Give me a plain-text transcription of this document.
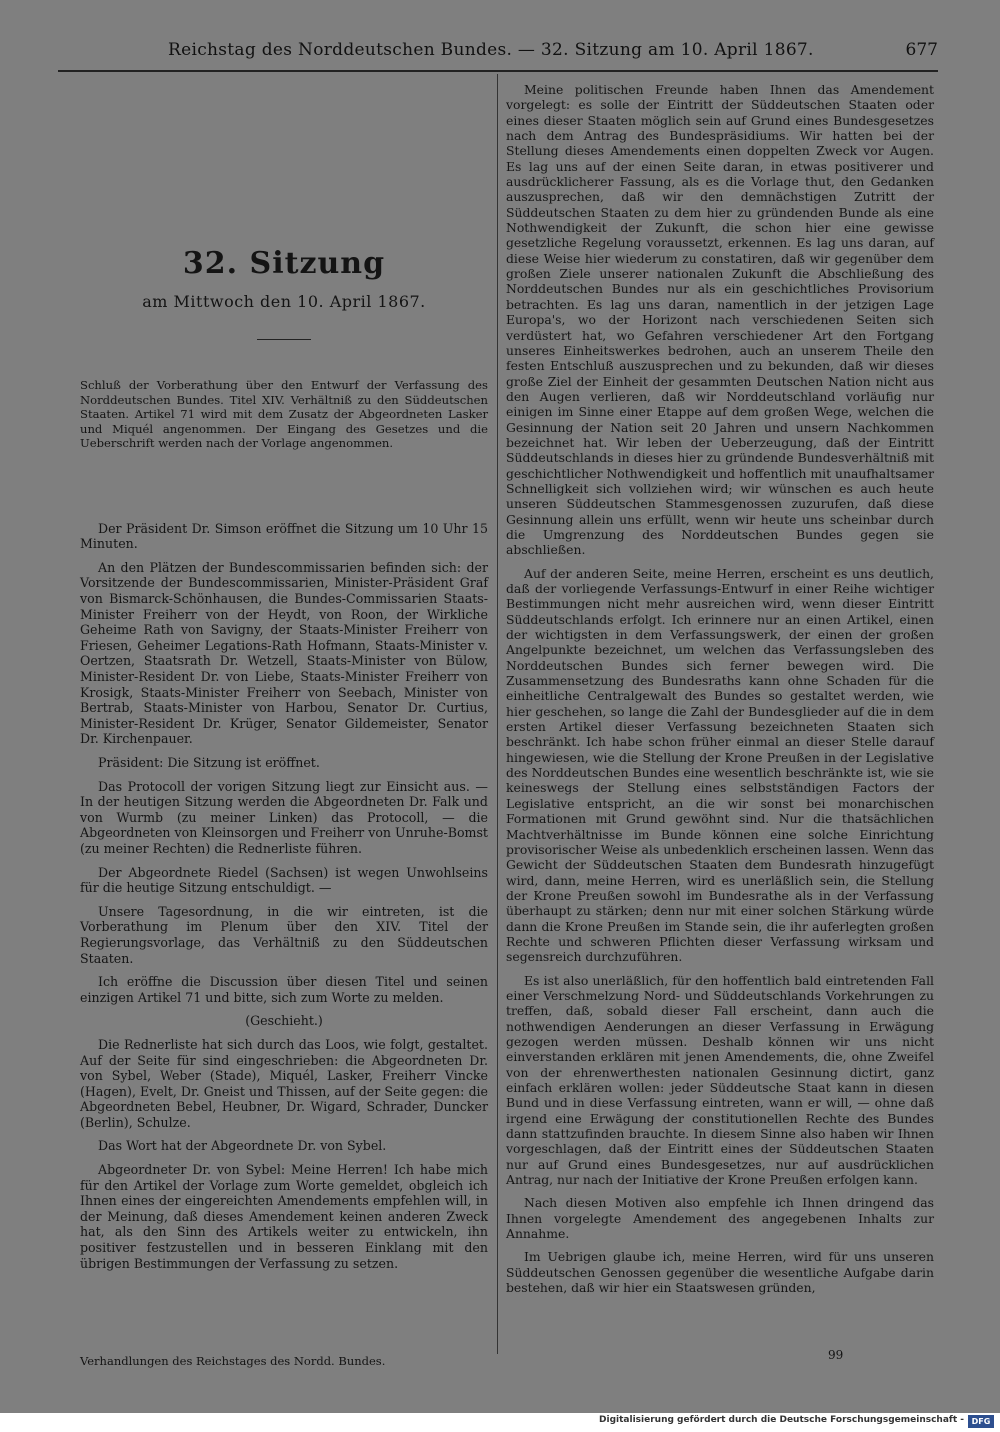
Reichstag des Norddeutschen Bundes. — 32. Sitzung am 10. April 1867.	677
32. Sitzung
am Mittwoch den 10. April 1867.

Schluß der Vorberathung über den Entwurf der Verfassung des Norddeutschen Bundes. Titel XIV. Verhältniß zu den Süddeutschen Staaten. Artikel 71 wird mit dem Zusatz der Abgeordneten Lasker und Miquél angenommen. Der Eingang des Gesetzes und die Ueberschrift werden nach der Vorlage angenommen.

Der Präsident Dr. Simson eröffnet die Sitzung um 10 Uhr 15 Minuten.

An den Plätzen der Bundescommissarien befinden sich: der Vorsitzende der Bundescommissarien, Minister-Präsident Graf von Bismarck-Schönhausen, die Bundes-Commissarien Staats-Minister Freiherr von der Heydt, von Roon, der Wirkliche Geheime Rath von Savigny, der Staats-Minister Freiherr von Friesen, Geheimer Legations-Rath Hofmann, Staats-Minister v. Oertzen, Staatsrath Dr. Wetzell, Staats-Minister von Bülow, Minister-Resident Dr. von Liebe, Staats-Minister Freiherr von Krosigk, Staats-Minister Freiherr von Seebach, Minister von Bertrab, Staats-Minister von Harbou, Senator Dr. Curtius, Minister-Resident Dr. Krüger, Senator Gildemeister, Senator Dr. Kirchenpauer.

Präsident: Die Sitzung ist eröffnet.

Das Protocoll der vorigen Sitzung liegt zur Einsicht aus. — In der heutigen Sitzung werden die Abgeordneten Dr. Falk und von Wurmb (zu meiner Linken) das Protocoll, — die Abgeordneten von Kleinsorgen und Freiherr von Unruhe-Bomst (zu meiner Rechten) die Rednerliste führen.

Der Abgeordnete Riedel (Sachsen) ist wegen Unwohlseins für die heutige Sitzung entschuldigt. —

Unsere Tagesordnung, in die wir eintreten, ist die Vorberathung im Plenum über den XIV. Titel der Regierungsvorlage, das Verhältniß zu den Süddeutschen Staaten.

Ich eröffne die Discussion über diesen Titel und seinen einzigen Artikel 71 und bitte, sich zum Worte zu melden.

(Geschieht.)

Die Rednerliste hat sich durch das Loos, wie folgt, gestaltet. Auf der Seite für sind eingeschrieben: die Abgeordneten Dr. von Sybel, Weber (Stade), Miquél, Lasker, Freiherr Vincke (Hagen), Evelt, Dr. Gneist und Thissen, auf der Seite gegen: die Abgeordneten Bebel, Heubner, Dr. Wigard, Schrader, Duncker (Berlin), Schulze.

Das Wort hat der Abgeordnete Dr. von Sybel.

Abgeordneter Dr. von Sybel: Meine Herren! Ich habe mich für den Artikel der Vorlage zum Worte gemeldet, obgleich ich Ihnen eines der eingereichten Amendements empfehlen will, in der Meinung, daß dieses Amendement keinen anderen Zweck hat, als den Sinn des Artikels weiter zu entwickeln, ihn positiver festzustellen und in besseren Einklang mit den übrigen Bestimmungen der Verfassung zu setzen.

Meine politischen Freunde haben Ihnen das Amendement vorgelegt: es solle der Eintritt der Süddeutschen Staaten oder eines dieser Staaten möglich sein auf Grund eines Bundesgesetzes nach dem Antrag des Bundespräsidiums. Wir hatten bei der Stellung dieses Amendements einen doppelten Zweck vor Augen. Es lag uns auf der einen Seite daran, in etwas positiverer und ausdrücklicherer Fassung, als es die Vorlage thut, den Gedanken auszusprechen, daß wir den demnächstigen Zutritt der Süddeutschen Staaten zu dem hier zu gründenden Bunde als eine Nothwendigkeit der Zukunft, die schon hier eine gewisse gesetzliche Regelung voraussetzt, erkennen. Es lag uns daran, auf diese Weise hier wiederum zu constatiren, daß wir gegenüber dem großen Ziele unserer nationalen Zukunft die Abschließung des Norddeutschen Bundes nur als ein geschichtliches Provisorium betrachten. Es lag uns daran, namentlich in der jetzigen Lage Europa's, wo der Horizont nach verschiedenen Seiten sich verdüstert hat, wo Gefahren verschiedener Art den Fortgang unseres Einheitswerkes bedrohen, auch an unserem Theile den festen Entschluß auszusprechen und zu bekunden, daß wir dieses große Ziel der Einheit der gesammten Deutschen Nation nicht aus den Augen verlieren, daß wir Norddeutschland vorläufig nur einigen im Sinne einer Etappe auf dem großen Wege, welchen die Gesinnung der Nation seit 20 Jahren und unsern Nachkommen bezeichnet hat. Wir leben der Ueberzeugung, daß der Eintritt Süddeutschlands in dieses hier zu gründende Bundesverhältniß mit geschichtlicher Nothwendigkeit und hoffentlich mit unaufhaltsamer Schnelligkeit sich vollziehen wird; wir wünschen es auch heute unseren Süddeutschen Stammesgenossen zuzurufen, daß diese Gesinnung allein uns erfüllt, wenn wir heute uns scheinbar durch die Umgrenzung des Norddeutschen Bundes gegen sie abschließen.

Auf der anderen Seite, meine Herren, erscheint es uns deutlich, daß der vorliegende Verfassungs-Entwurf in einer Reihe wichtiger Bestimmungen nicht mehr ausreichen wird, wenn dieser Eintritt Süddeutschlands erfolgt. Ich erinnere nur an einen Artikel, einen der wichtigsten in dem Verfassungswerk, der einen der großen Angelpunkte bezeichnet, um welchen das Verfassungsleben des Norddeutschen Bundes sich ferner bewegen wird. Die Zusammensetzung des Bundesraths kann ohne Schaden für die einheitliche Centralgewalt des Bundes so gestaltet werden, wie hier geschehen, so lange die Zahl der Bundesglieder auf die in dem ersten Artikel dieser Verfassung bezeichneten Staaten sich beschränkt. Ich habe schon früher einmal an dieser Stelle darauf hingewiesen, wie die Stellung der Krone Preußen in der Legislative des Norddeutschen Bundes eine wesentlich beschränkte ist, wie sie keineswegs der Stellung eines selbstständigen Factors der Legislative entspricht, an die wir sonst bei monarchischen Formationen mit Grund gewöhnt sind. Nur die thatsächlichen Machtverhältnisse im Bunde können eine solche Einrichtung provisorischer Weise als unbedenklich erscheinen lassen. Wenn das Gewicht der Süddeutschen Staaten dem Bundesrath hinzugefügt wird, dann, meine Herren, wird es unerläßlich sein, die Stellung der Krone Preußen sowohl im Bundesrathe als in der Verfassung überhaupt zu stärken; denn nur mit einer solchen Stärkung würde dann die Krone Preußen im Stande sein, die ihr auferlegten großen Rechte und schweren Pflichten dieser Verfassung wirksam und segensreich durchzuführen.

Es ist also unerläßlich, für den hoffentlich bald eintretenden Fall einer Verschmelzung Nord- und Süddeutschlands Vorkehrungen zu treffen, daß, sobald dieser Fall erscheint, dann auch die nothwendigen Aenderungen an dieser Verfassung in Erwägung gezogen werden müssen. Deshalb können wir uns nicht einverstanden erklären mit jenen Amendements, die, ohne Zweifel von der ehrenwerthesten nationalen Gesinnung dictirt, ganz einfach erklären wollen: jeder Süddeutsche Staat kann in diesen Bund und in diese Verfassung eintreten, wann er will, — ohne daß irgend eine Erwägung der constitutionellen Rechte des Bundes dann stattzufinden brauchte. In diesem Sinne also haben wir Ihnen vorgeschlagen, daß der Eintritt eines der Süddeutschen Staaten nur auf Grund eines Bundesgesetzes, nur auf ausdrücklichen Antrag, nur nach der Initiative der Krone Preußen erfolgen kann.

Nach diesen Motiven also empfehle ich Ihnen dringend das Ihnen vorgelegte Amendement des angegebenen Inhalts zur Annahme.

Im Uebrigen glaube ich, meine Herren, wird für uns unseren Süddeutschen Genossen gegenüber die wesentliche Aufgabe darin bestehen, daß wir hier ein Staatswesen gründen,

Verhandlungen des Reichstages des Nordd. Bundes.	99
Digitalisierung gefördert durch die Deutsche Forschungsgemeinschaft - DFG
